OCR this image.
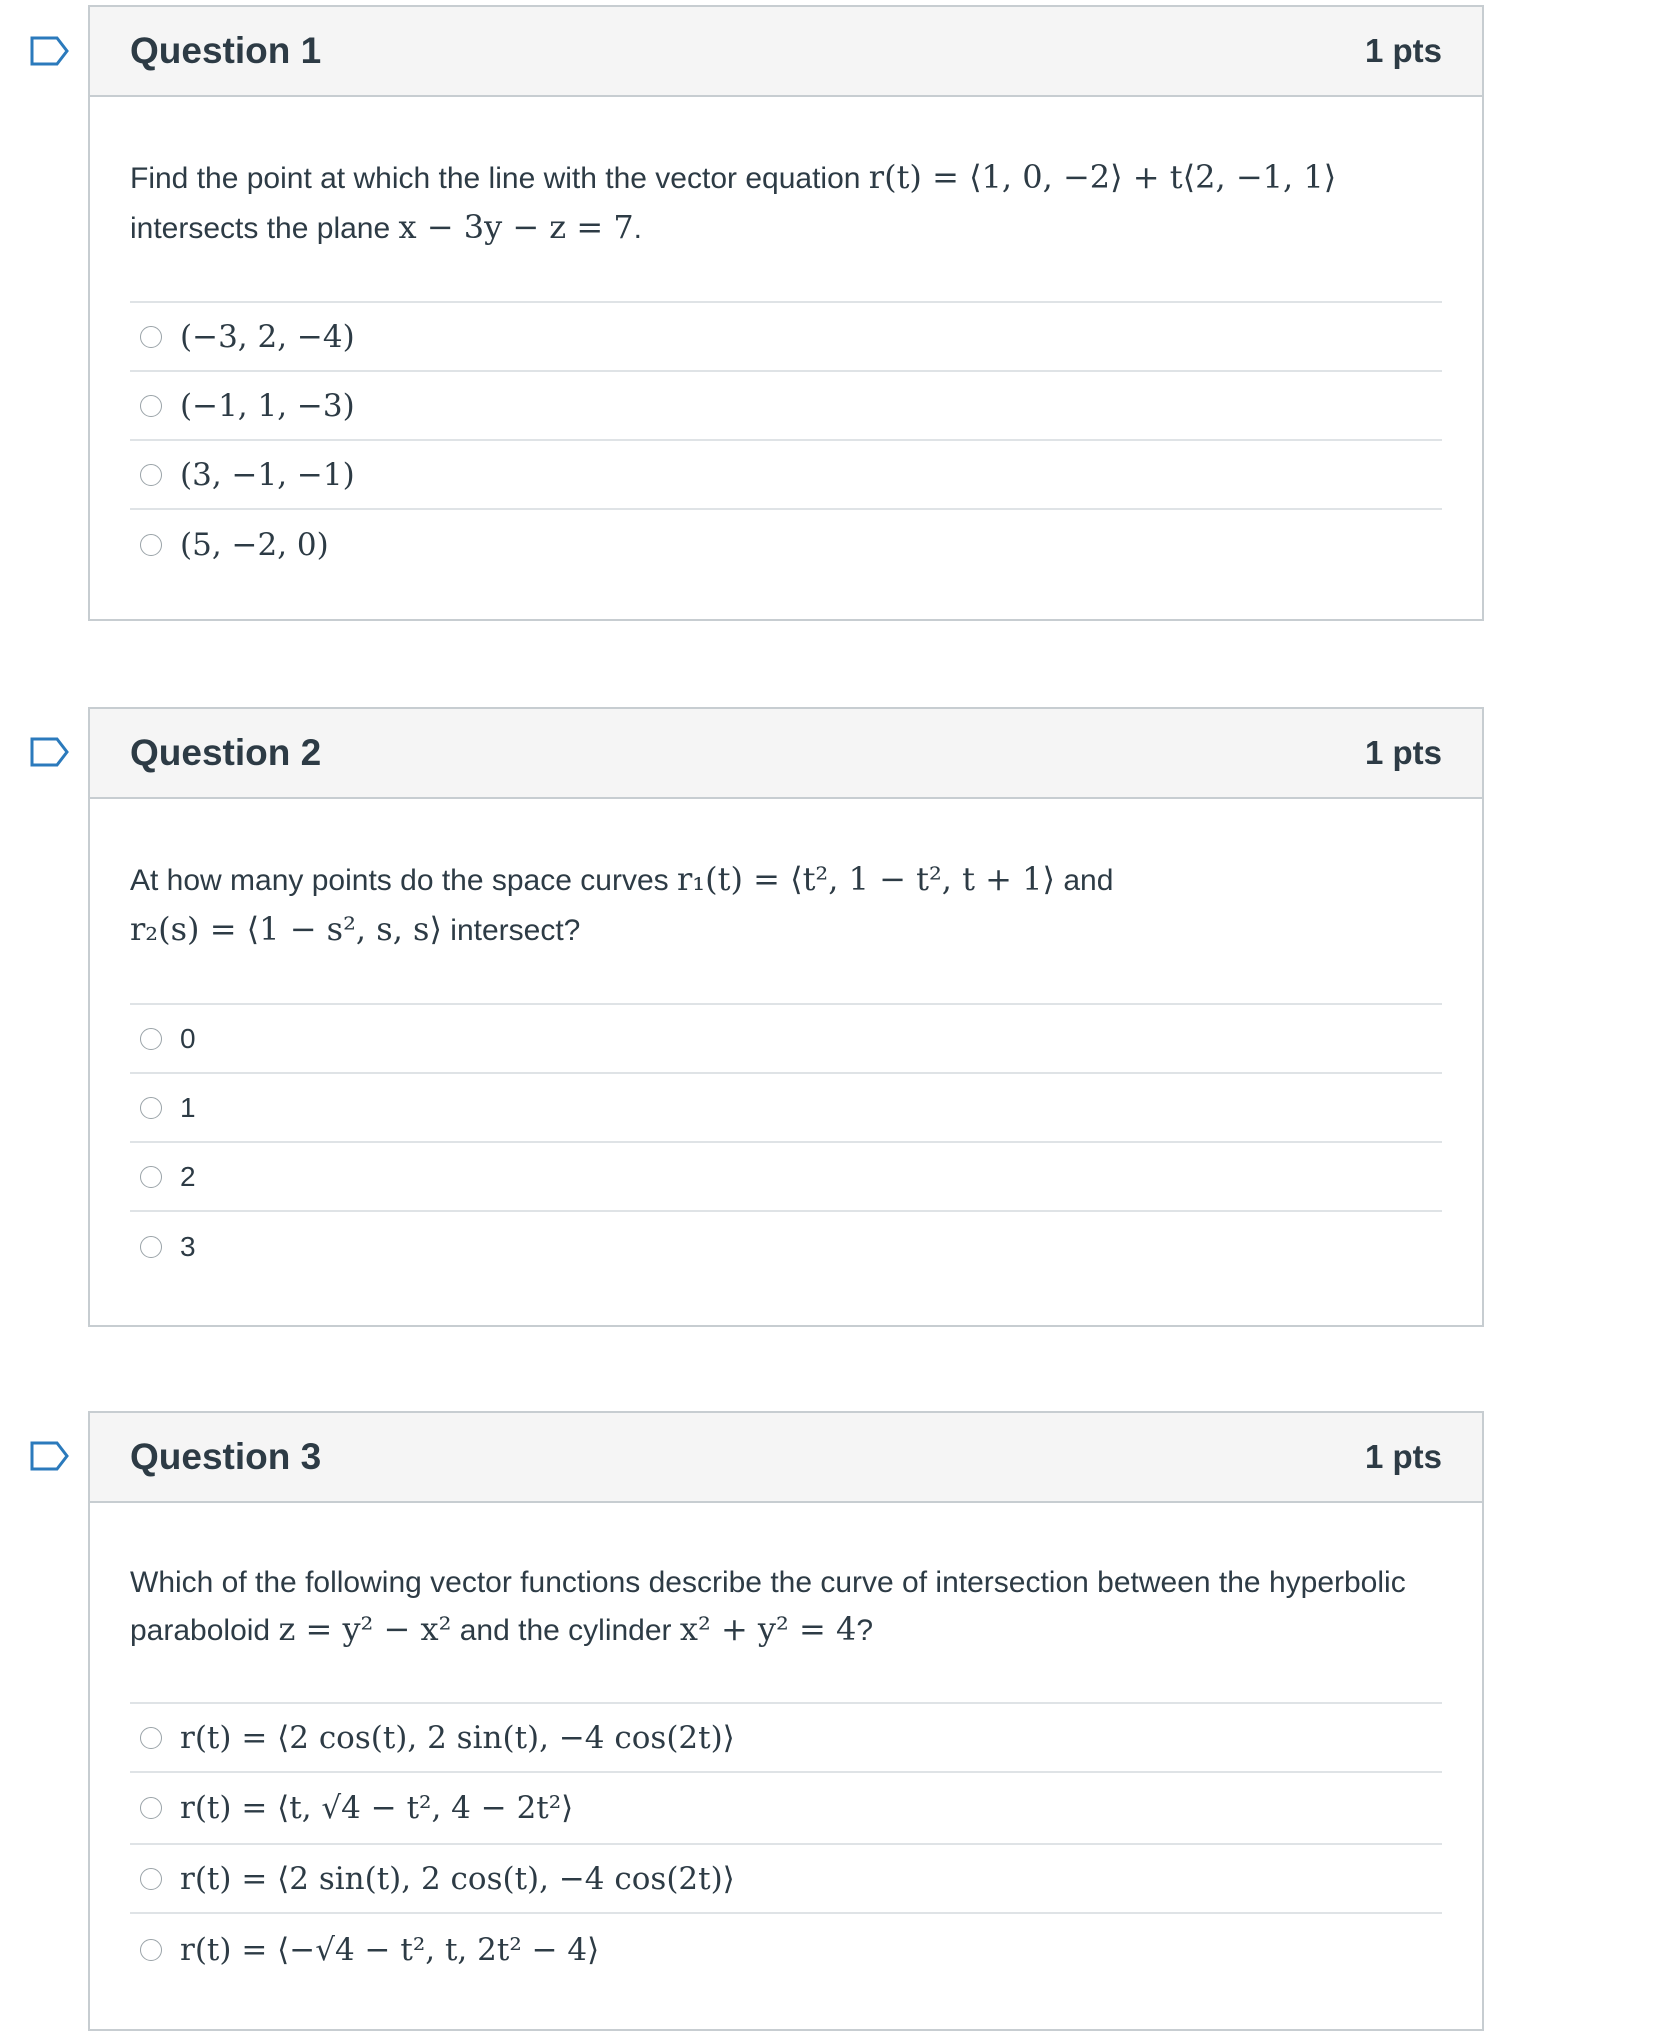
Question 1	1 pts
Find the point at which the line with the vector equation r(t) = ⟨1, 0, −2⟩ + t⟨2, −1, 1⟩
intersects the plane x − 3y − z = 7.
(−3, 2, −4)
(−1, 1, −3)
(3, −1, −1)
(5, −2, 0)
Question 2	1 pts
At how many points do the space curves r₁(t) = ⟨t², 1 − t², t + 1⟩ and
r₂(s) = ⟨1 − s², s, s⟩ intersect?
0
1
2
3
Question 3	1 pts
Which of the following vector functions describe the curve of intersection between the hyperbolic paraboloid z = y² − x² and the cylinder x² + y² = 4?
r(t) = ⟨2 cos(t), 2 sin(t), −4 cos(2t)⟩
r(t) = ⟨t, √4 − t², 4 − 2t²⟩
r(t) = ⟨2 sin(t), 2 cos(t), −4 cos(2t)⟩
r(t) = ⟨−√4 − t², t, 2t² − 4⟩
